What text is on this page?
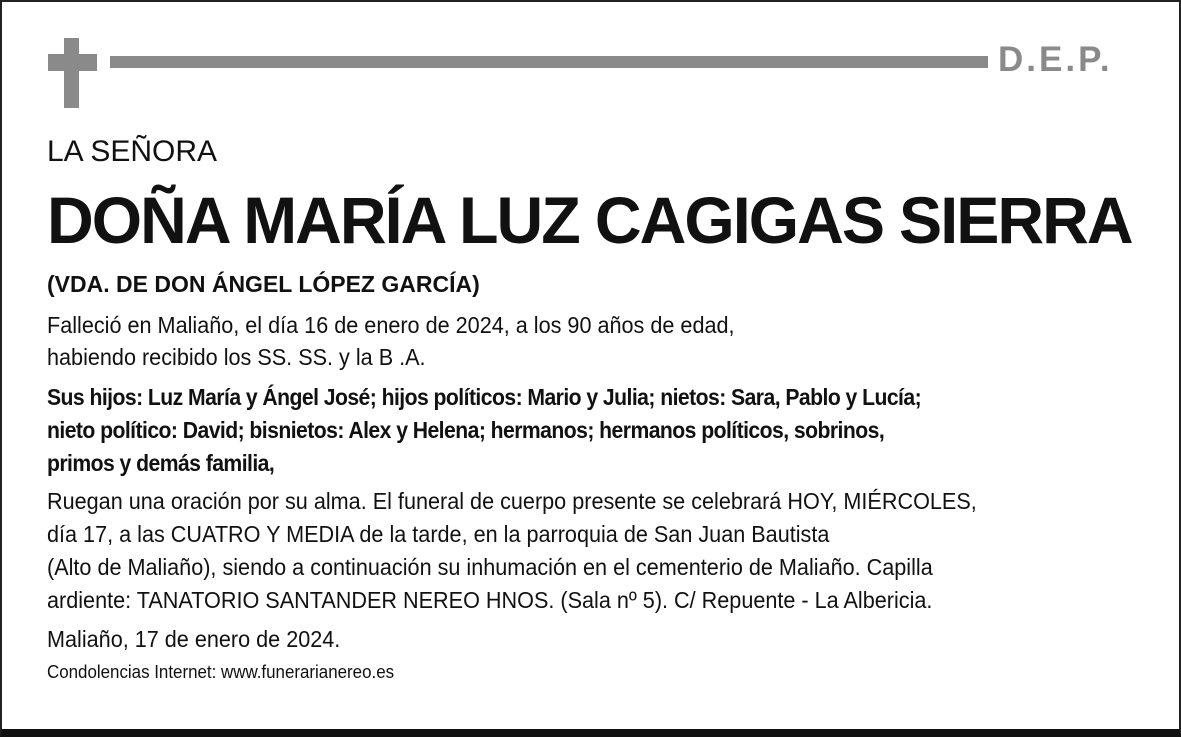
D.E.P.
LA SEÑORA
DOÑA MARÍA LUZ CAGIGAS SIERRA
(VDA. DE DON ÁNGEL LÓPEZ GARCÍA)
Falleció en Maliaño, el día 16 de enero de 2024, a los 90 años de edad,
habiendo recibido los SS. SS. y la B .A.
Sus hijos: Luz María y Ángel José; hijos políticos: Mario y Julia; nietos: Sara, Pablo y Lucía;
nieto político: David; bisnietos: Alex y Helena; hermanos; hermanos políticos, sobrinos,
primos y demás familia,
Ruegan una oración por su alma. El funeral de cuerpo presente se celebrará HOY, MIÉRCOLES,
día 17, a las CUATRO Y MEDIA de la tarde, en la parroquia de San Juan Bautista
(Alto de Maliaño), siendo a continuación su inhumación en el cementerio de Maliaño. Capilla
ardiente: TANATORIO SANTANDER NEREO HNOS. (Sala nº 5). C/ Repuente - La Albericia.
Maliaño, 17 de enero de 2024.
Condolencias Internet: www.funerarianereo.es
